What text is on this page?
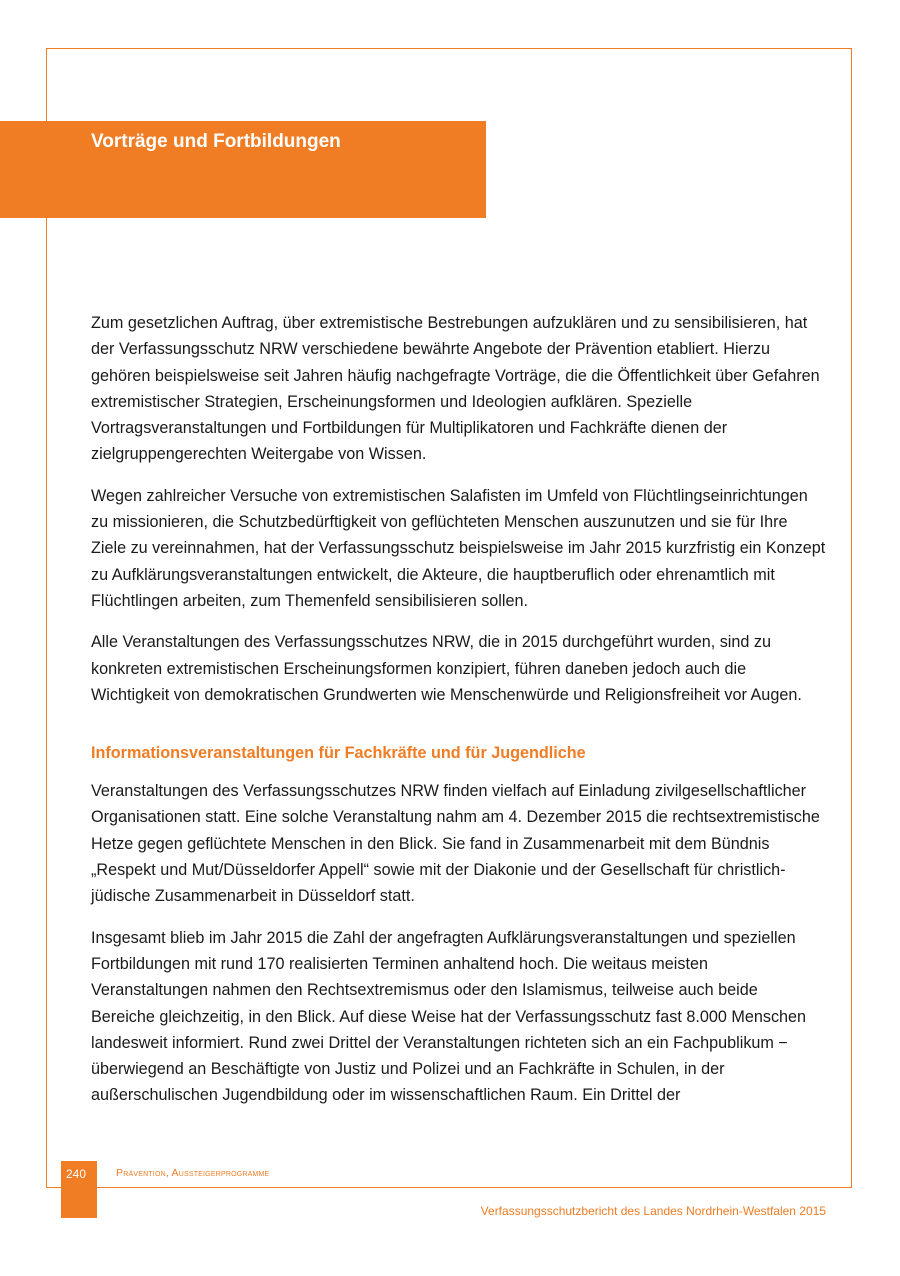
Vorträge und Fortbildungen

Zum gesetzlichen Auftrag, über extremistische Bestrebungen aufzuklären und zu sensibilisieren, hat der Verfassungsschutz NRW verschiedene bewährte Angebote der Prävention etabliert. Hierzu gehören beispielsweise seit Jahren häufig nachgefragte Vorträge, die die Öffentlichkeit über Gefahren extremistischer Strategien, Erscheinungsformen und Ideologien aufklären. Spezielle Vortragsveranstaltungen und Fortbildungen für Multiplikatoren und Fachkräfte dienen der zielgruppengerechten Weitergabe von Wissen.

Wegen zahlreicher Versuche von extremistischen Salafisten im Umfeld von Flüchtlingseinrichtungen zu missionieren, die Schutzbedürftigkeit von geflüchteten Menschen auszunutzen und sie für Ihre Ziele zu vereinnahmen, hat der Verfassungsschutz beispielsweise im Jahr 2015 kurzfristig ein Konzept zu Aufklärungsveranstaltungen entwickelt, die Akteure, die hauptberuflich oder ehrenamtlich mit Flüchtlingen arbeiten, zum Themenfeld sensibilisieren sollen.

Alle Veranstaltungen des Verfassungsschutzes NRW, die in 2015 durchgeführt wurden, sind zu konkreten extremistischen Erscheinungsformen konzipiert, führen daneben jedoch auch die Wichtigkeit von demokratischen Grundwerten wie Menschenwürde und Religionsfreiheit vor Augen.

Informationsveranstaltungen für Fachkräfte und für Jugendliche

Veranstaltungen des Verfassungsschutzes NRW finden vielfach auf Einladung zivilgesellschaftlicher Organisationen statt. Eine solche Veranstaltung nahm am 4. Dezember 2015 die rechtsextremistische Hetze gegen geflüchtete Menschen in den Blick. Sie fand in Zusammenarbeit mit dem Bündnis „Respekt und Mut/Düsseldorfer Appell“ sowie mit der Diakonie und der Gesellschaft für christlich-jüdische Zusammenarbeit in Düsseldorf statt.

Insgesamt blieb im Jahr 2015 die Zahl der angefragten Aufklärungsveranstaltungen und speziellen Fortbildungen mit rund 170 realisierten Terminen anhaltend hoch. Die weitaus meisten Veranstaltungen nahmen den Rechtsextremismus oder den Islamismus, teilweise auch beide Bereiche gleichzeitig, in den Blick. Auf diese Weise hat der Verfassungsschutz fast 8.000 Menschen landesweit informiert. Rund zwei Drittel der Veranstaltungen richteten sich an ein Fachpublikum − überwiegend an Beschäftigte von Justiz und Polizei und an Fachkräfte in Schulen, in der außerschulischen Jugendbildung oder im wissenschaftlichen Raum. Ein Drittel der

240	Prävention, Aussteigerprogramme
Verfassungsschutzbericht des Landes Nordrhein-Westfalen 2015
